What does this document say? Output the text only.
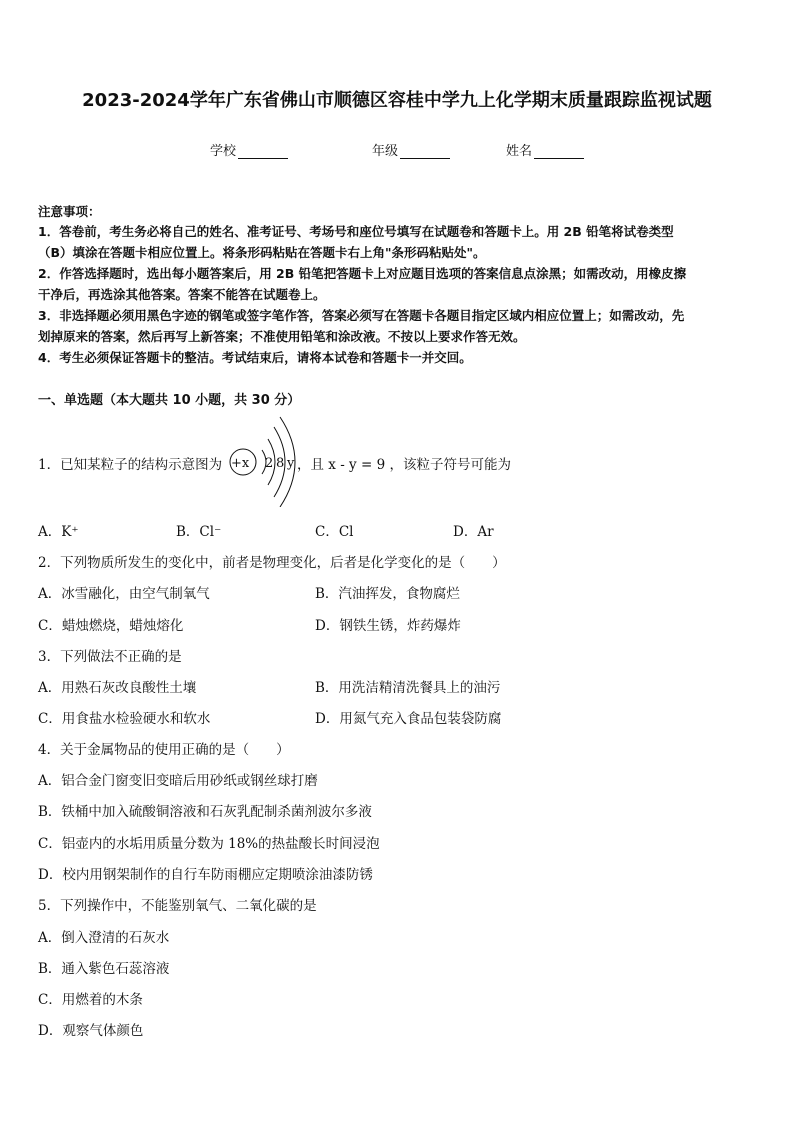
2023-2024学年广东省佛山市顺德区容桂中学九上化学期末质量跟踪监视试题
学校	年级	姓名
注意事项：
1．答卷前，考生务必将自己的姓名、准考证号、考场号和座位号填写在试题卷和答题卡上。用 2B 铅笔将试卷类型
（B）填涂在答题卡相应位置上。将条形码粘贴在答题卡右上角"条形码粘贴处"。
2．作答选择题时，选出每小题答案后，用 2B 铅笔把答题卡上对应题目选项的答案信息点涂黑；如需改动，用橡皮擦
干净后，再选涂其他答案。答案不能答在试题卷上。
3．非选择题必须用黑色字迹的钢笔或签字笔作答，答案必须写在答题卡各题目指定区域内相应位置上；如需改动，先
划掉原来的答案，然后再写上新答案；不准使用铅笔和涂改液。不按以上要求作答无效。
4．考生必须保证答题卡的整洁。考试结束后，请将本试卷和答题卡一并交回。
一、单选题（本大题共 10 小题，共 30 分）
1．已知某粒子的结构示意图为 +x 2 8 y ，且 x - y = 9 ，该粒子符号可能为
A．K⁺	B．Cl⁻	C．Cl	D．Ar
2．下列物质所发生的变化中，前者是物理变化，后者是化学变化的是（　　）
A．冰雪融化，由空气制氧气	B．汽油挥发，食物腐烂
C．蜡烛燃烧，蜡烛熔化	D．钢铁生锈，炸药爆炸
3．下列做法不正确的是
A．用熟石灰改良酸性土壤	B．用洗洁精清洗餐具上的油污
C．用食盐水检验硬水和软水	D．用氮气充入食品包装袋防腐
4．关于金属物品的使用正确的是（　　）
A．铝合金门窗变旧变暗后用砂纸或钢丝球打磨
B．铁桶中加入硫酸铜溶液和石灰乳配制杀菌剂波尔多液
C．铝壶内的水垢用质量分数为 18%的热盐酸长时间浸泡
D．校内用钢架制作的自行车防雨棚应定期喷涂油漆防锈
5．下列操作中，不能鉴别氧气、二氧化碳的是
A．倒入澄清的石灰水
B．通入紫色石蕊溶液
C．用燃着的木条
D．观察气体颜色
